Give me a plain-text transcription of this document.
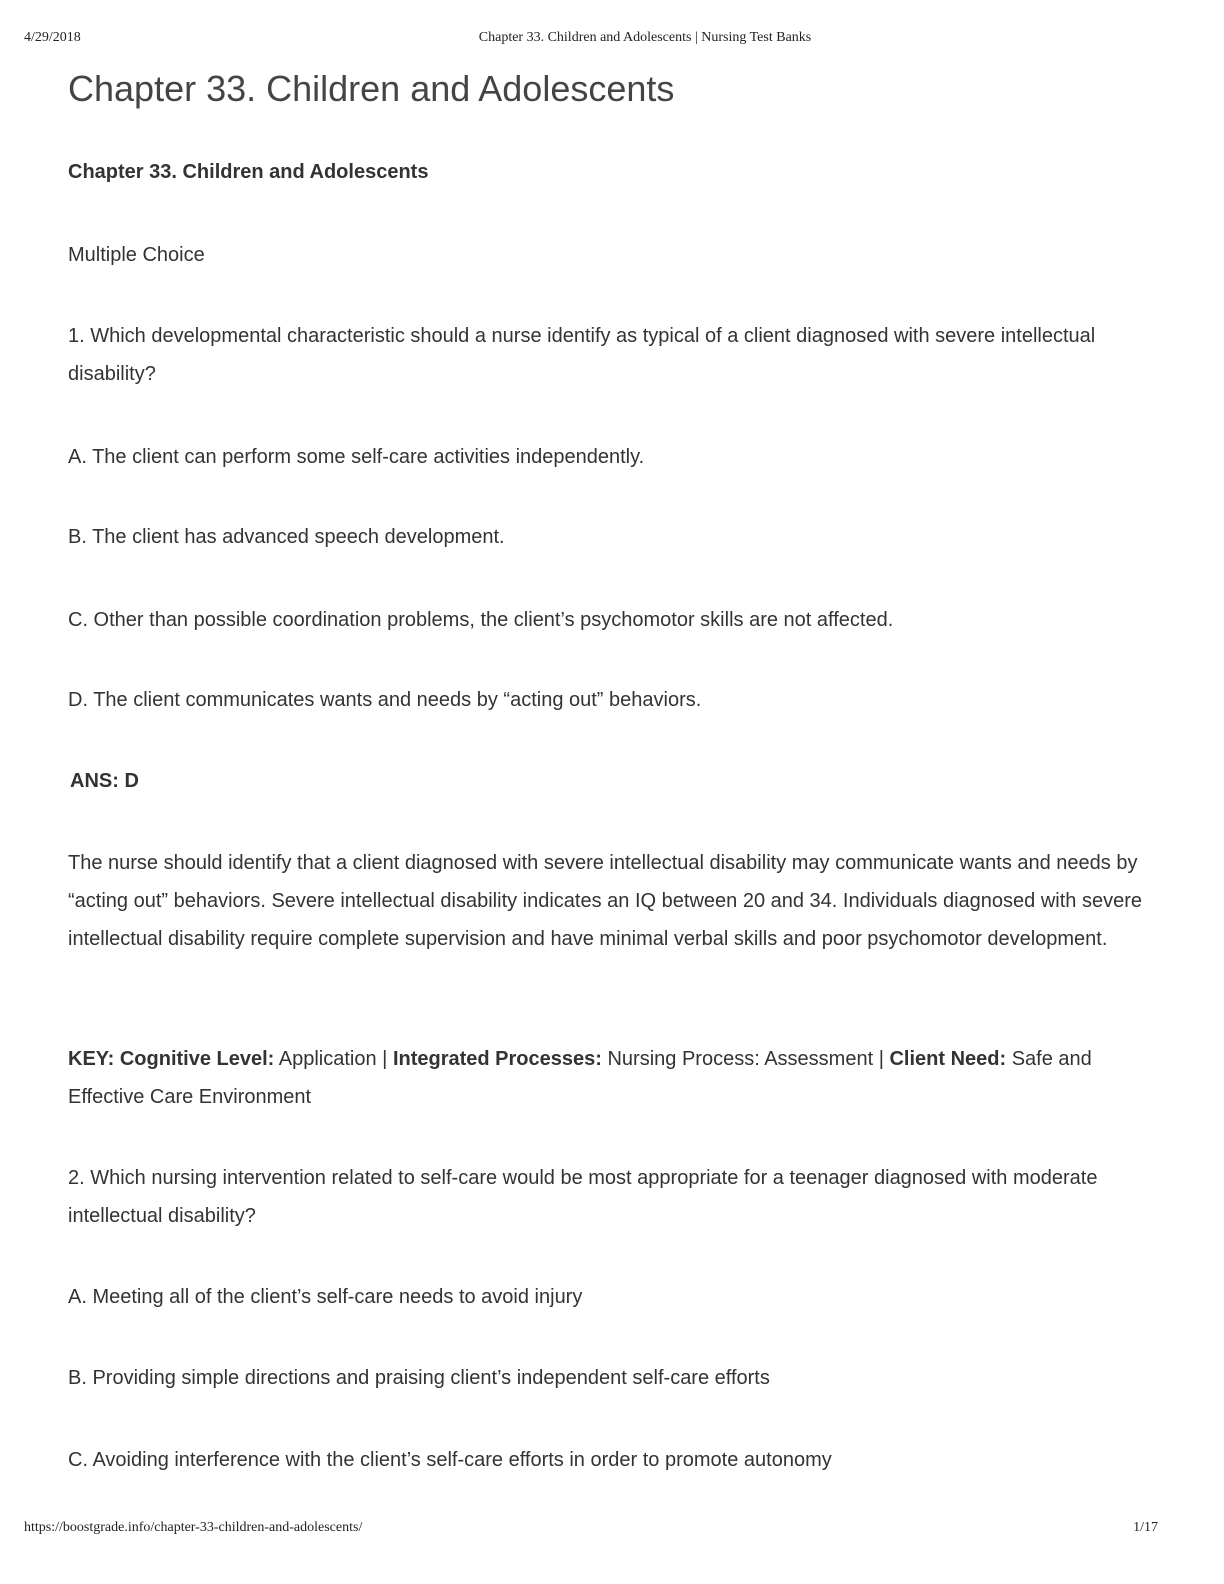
4/29/2018	Chapter 33. Children and Adolescents | Nursing Test Banks
Chapter 33. Children and Adolescents

Chapter 33. Children and Adolescents

Multiple Choice

1. Which developmental characteristic should a nurse identify as typical of a client diagnosed with severe intellectual disability?

A. The client can perform some self-care activities independently.

B. The client has advanced speech development.

C. Other than possible coordination problems, the client’s psychomotor skills are not affected.

D. The client communicates wants and needs by “acting out” behaviors.

ANS: D

The nurse should identify that a client diagnosed with severe intellectual disability may communicate wants and needs by “acting out” behaviors. Severe intellectual disability indicates an IQ between 20 and 34. Individuals diagnosed with severe intellectual disability require complete supervision and have minimal verbal skills and poor psychomotor development.

KEY: Cognitive Level: Application | Integrated Processes: Nursing Process: Assessment | Client Need: Safe and Effective Care Environment

2. Which nursing intervention related to self-care would be most appropriate for a teenager diagnosed with moderate intellectual disability?

A. Meeting all of the client’s self-care needs to avoid injury

B. Providing simple directions and praising client’s independent self-care efforts

C. Avoiding interference with the client’s self-care efforts in order to promote autonomy

https://boostgrade.info/chapter-33-children-and-adolescents/	1/17
